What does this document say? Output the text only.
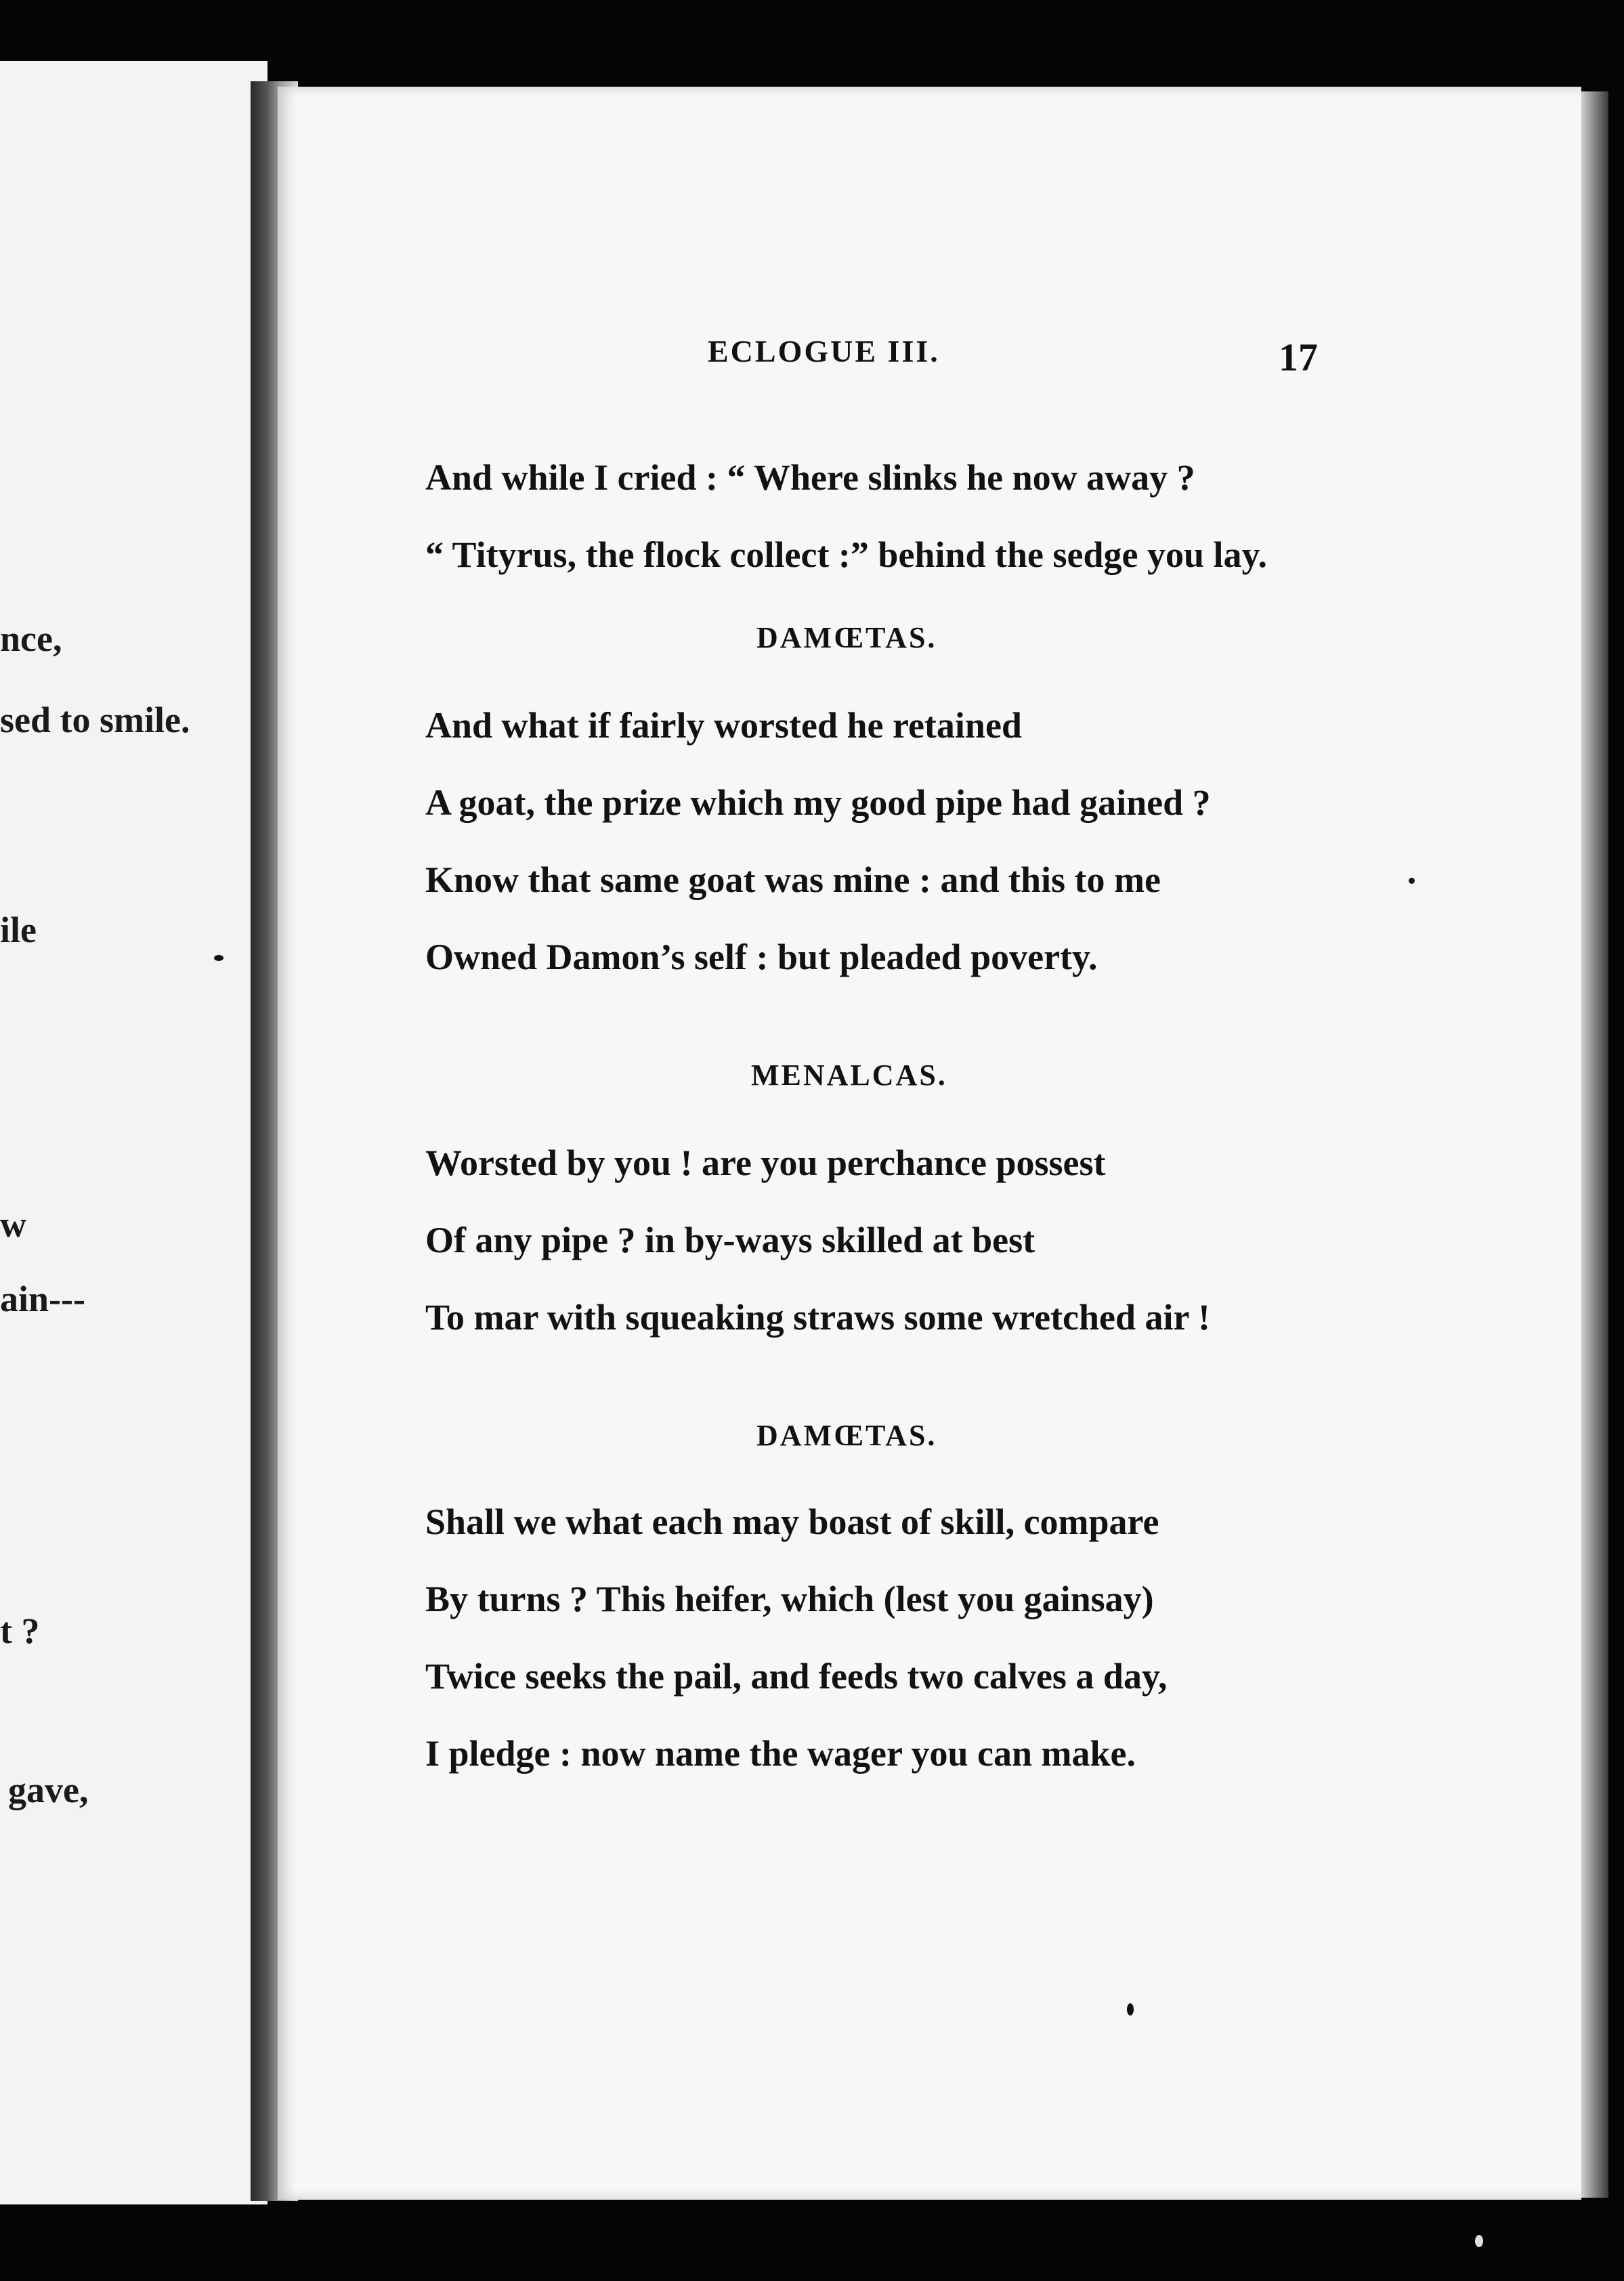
nce,
sed to smile.
ile
w
ain---
t ?
gave,
ECLOGUE III.	17
And while I cried : “ Where slinks he now away ?
“ Tityrus, the flock collect :” behind the sedge you lay.
DAMŒTAS.
And what if fairly worsted he retained
A goat, the prize which my good pipe had gained ?
Know that same goat was mine : and this to me
Owned Damon’s self : but pleaded poverty.
MENALCAS.
Worsted by you ! are you perchance possest
Of any pipe ? in by-ways skilled at best
To mar with squeaking straws some wretched air !
DAMŒTAS.
Shall we what each may boast of skill, compare
By turns ? This heifer, which (lest you gainsay)
Twice seeks the pail, and feeds two calves a day,
I pledge : now name the wager you can make.
